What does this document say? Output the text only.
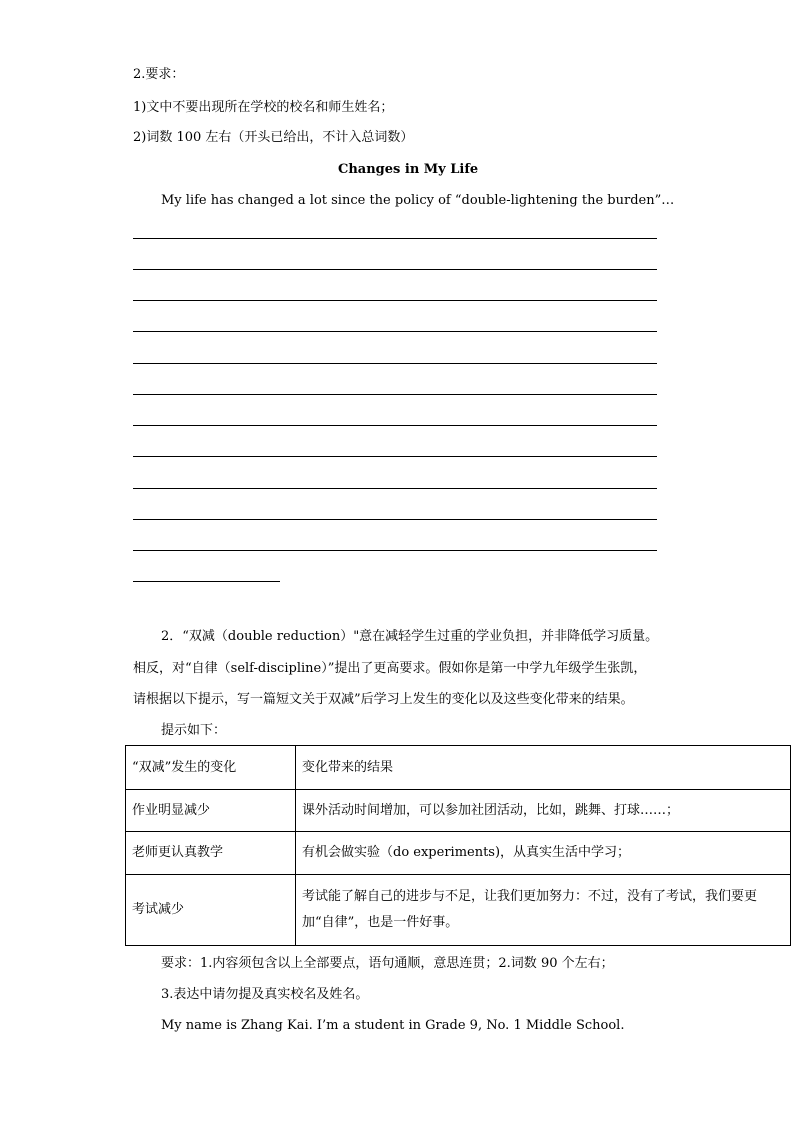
2.要求：
1)文中不要出现所在学校的校名和师生姓名；
2)词数 100 左右（开头已给出，不计入总词数）
Changes in My Life
My life has changed a lot since the policy of “double-lightening the burden”…
2．“双减（double reduction）"意在减轻学生过重的学业负担，并非降低学习质量。
相反，对“自律（self-discipline）”提出了更高要求。假如你是第一中学九年级学生张凯，
请根据以下提示，写一篇短文关于双减”后学习上发生的变化以及这些变化带来的结果。
提示如下：
“双减”发生的变化	变化带来的结果
作业明显减少	课外活动时间增加，可以参加社团活动，比如，跳舞、打球……；
老师更认真教学	有机会做实验（do experiments)，从真实生活中学习；
考试减少	考试能了解自己的进步与不足，让我们更加努力：不过，没有了考试，我们要更加“自律”，也是一件好事。
要求：1.内容须包含以上全部要点，语句通顺，意思连贯；2.词数 90 个左右；
3.表达中请勿提及真实校名及姓名。
My name is Zhang Kai. I’m a student in Grade 9, No. 1 Middle School.
